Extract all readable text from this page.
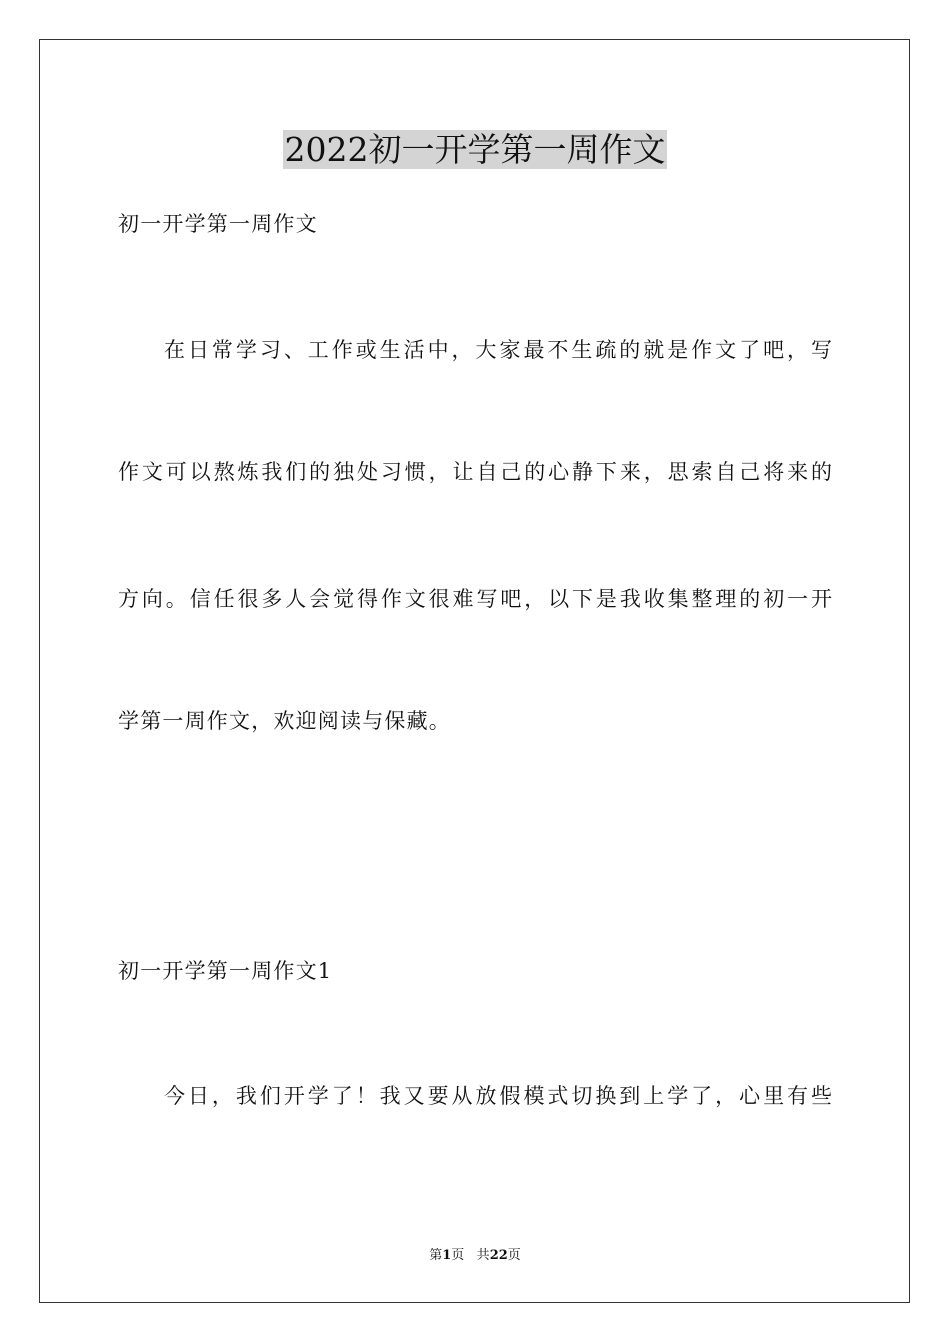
2022初一开学第一周作文
初一开学第一周作文
在日常学习、工作或生活中，大家最不生疏的就是作文了吧，写
作文可以熬炼我们的独处习惯，让自己的心静下来，思索自己将来的
方向。信任很多人会觉得作文很难写吧，以下是我收集整理的初一开
学第一周作文，欢迎阅读与保藏。
初一开学第一周作文1
今日，我们开学了！我又要从放假模式切换到上学了，心里有些
第1页 共22页
